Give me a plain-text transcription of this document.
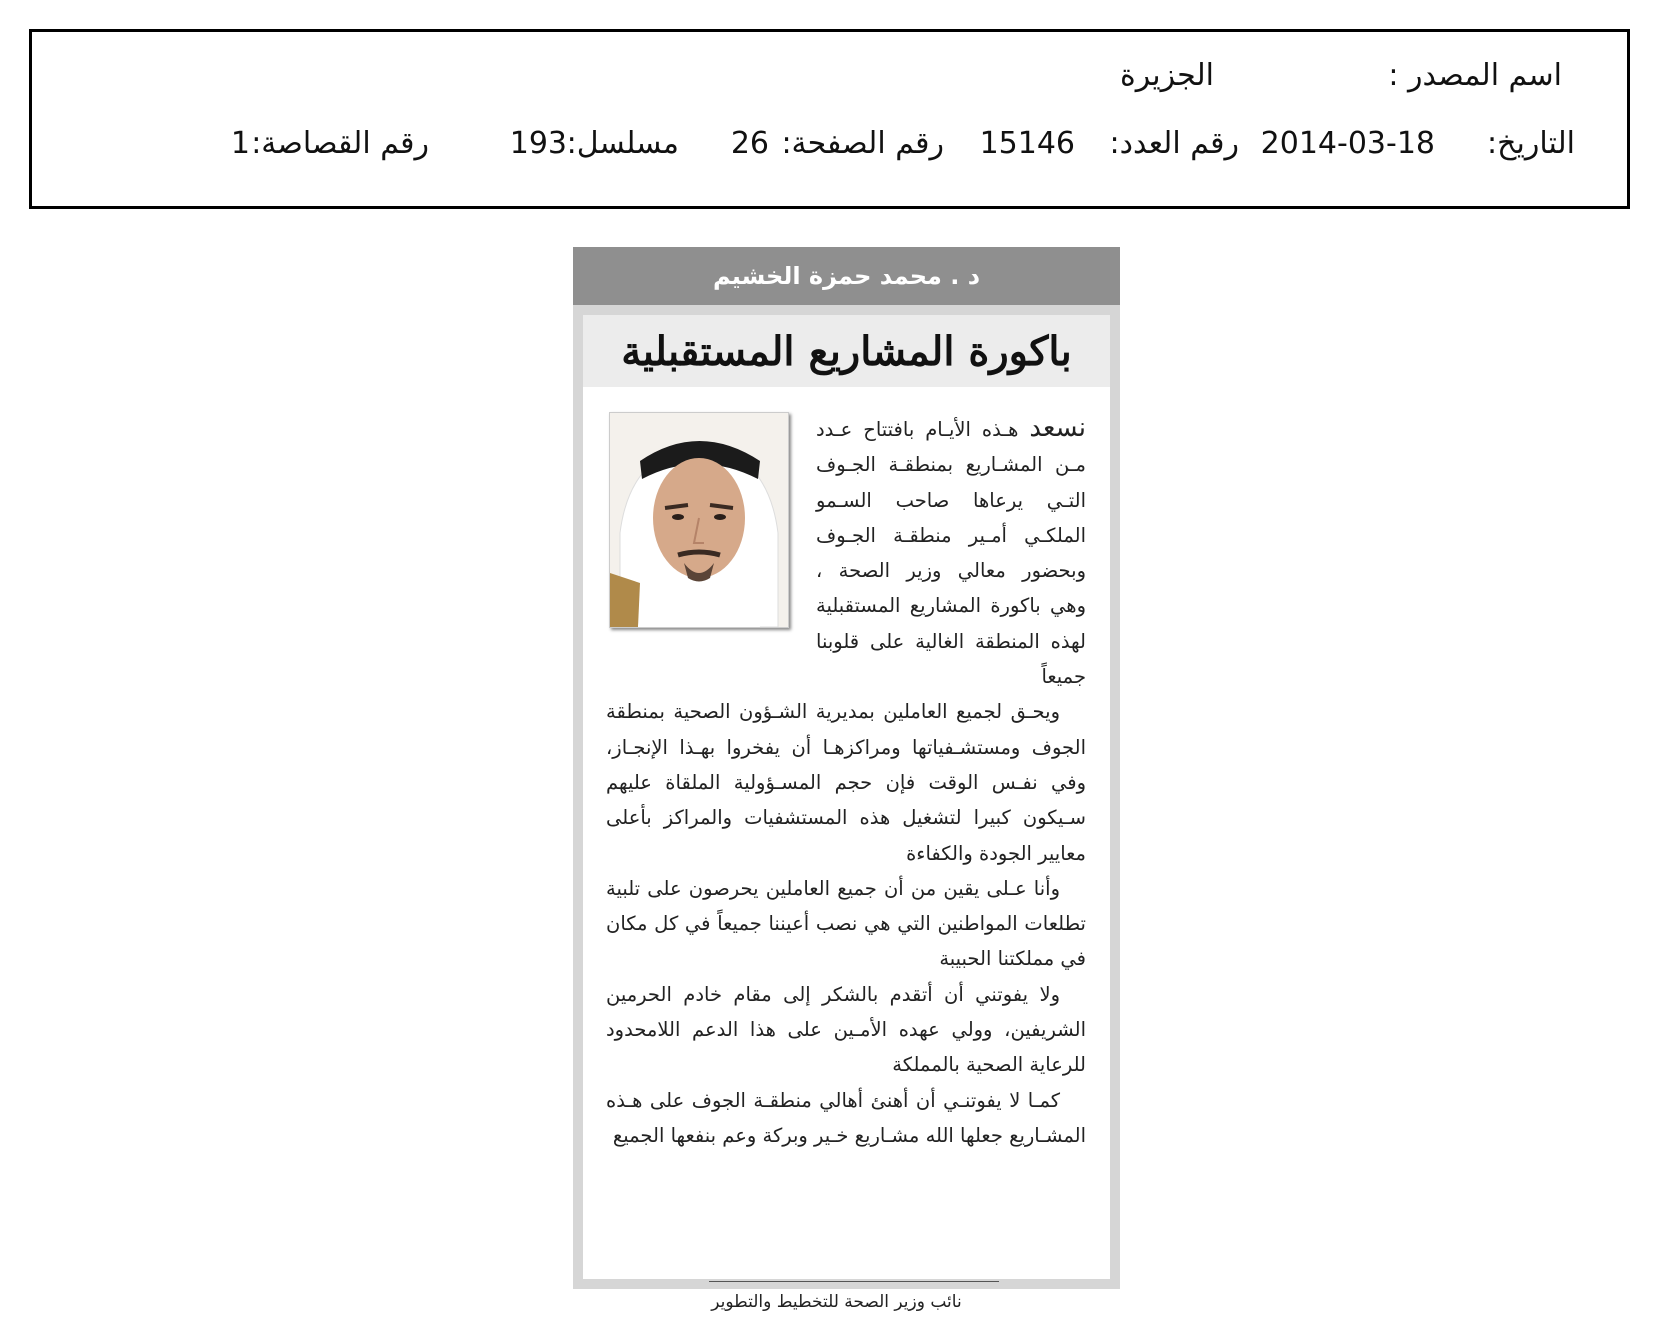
اسم المصدر :
الجزيرة
التاريخ:
2014-03-18
رقم العدد:
15146
رقم الصفحة:
26
مسلسل:
193
رقم القصاصة:
1
د . محمد حمزة الخشيم
باكورة المشاريع المستقبلية
نسعد هـذه الأيـام بافتتاح عـدد مـن المشـاريع بمنطقـة الجـوف التـي يرعاها صاحب السـمو الملكـي أمـير منطقـة الجـوف وبحضور معالي وزير الصحة ، وهي باكورة المشاريع المستقبلية لهذه المنطقة الغالية على قلوبنا جميعاً

ويحـق لجميع العاملين بمديرية الشـؤون الصحية بمنطقة الجوف ومستشـفياتها ومراكزهـا أن يفخروا بهـذا الإنجـاز، وفي نفـس الوقت فإن حجم المسـؤولية الملقاة عليهم سـيكون كبيرا لتشغيل هذه المستشفيات والمراكز بأعلى معايير الجودة والكفاءة

وأنا عـلى يقين من أن جميع العاملين يحرصون على تلبية تطلعات المواطنين التي هي نصب أعيننا جميعاً في كل مكان في مملكتنا الحبيبة

ولا يفوتني أن أتقدم بالشكر إلى مقام خادم الحرمين الشريفين، وولي عهده الأمـين على هذا الدعم اللامحدود للرعاية الصحية بالمملكة

كمـا لا يفوتنـي أن أهنئ أهالي منطقـة الجوف على هـذه المشـاريع جعلها الله مشـاريع خـير وبركة وعم بنفعها الجميع

نائب وزير الصحة للتخطيط والتطوير
